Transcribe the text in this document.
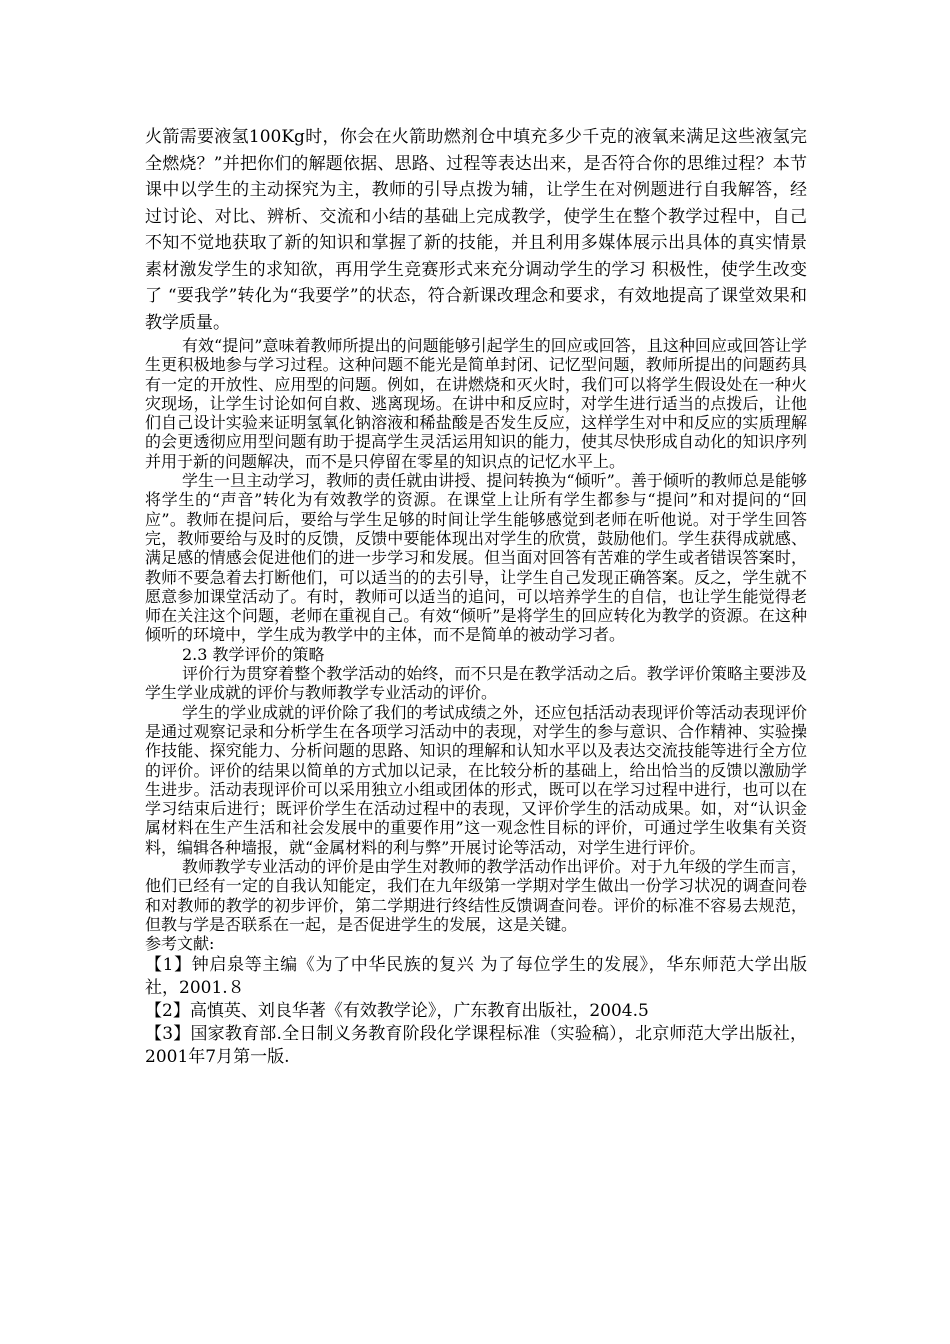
火箭需要液氢100Kg时，你会在火箭助燃剂仓中填充多少千克的液氧来满足这些液氢完全燃烧？”并把你们的解题依据、思路、过程等表达出来，是否符合你的思维过程？本节课中以学生的主动探究为主，教师的引导点拨为辅，让学生在对例题进行自我解答，经过讨论、对比、辨析、交流和小结的基础上完成教学，使学生在整个教学过程中，自己不知不觉地获取了新的知识和掌握了新的技能，并且利用多媒体展示出具体的真实情景素材激发学生的求知欲，再用学生竞赛形式来充分调动学生的学习 积极性，使学生改变了 “要我学”转化为“我要学”的状态，符合新课改理念和要求，有效地提高了课堂效果和教学质量。

有效“提问”意味着教师所提出的问题能够引起学生的回应或回答，且这种回应或回答让学生更积极地参与学习过程。这种问题不能光是简单封闭、记忆型问题，教师所提出的问题药具有一定的开放性、应用型的问题。例如，在讲燃烧和灭火时，我们可以将学生假设处在一种火灾现场，让学生讨论如何自救、逃离现场。在讲中和反应时，对学生进行适当的点拨后，让他们自己设计实验来证明氢氧化钠溶液和稀盐酸是否发生反应，这样学生对中和反应的实质理解的会更透彻应用型问题有助于提高学生灵活运用知识的能力，使其尽快形成自动化的知识序列并用于新的问题解决，而不是只停留在零星的知识点的记忆水平上。

学生一旦主动学习，教师的责任就由讲授、提问转换为“倾听”。善于倾听的教师总是能够将学生的“声音”转化为有效教学的资源。在课堂上让所有学生都参与“提问”和对提问的“回应”。教师在提问后，要给与学生足够的时间让学生能够感觉到老师在听他说。对于学生回答完，教师要给与及时的反馈，反馈中要能体现出对学生的欣赏，鼓励他们。学生获得成就感、满足感的情感会促进他们的进一步学习和发展。但当面对回答有苦难的学生或者错误答案时，教师不要急着去打断他们，可以适当的的去引导，让学生自己发现正确答案。反之，学生就不愿意参加课堂活动了。有时，教师可以适当的追问，可以培养学生的自信，也让学生能觉得老师在关注这个问题，老师在重视自己。有效“倾听”是将学生的回应转化为教学的资源。在这种倾听的环境中，学生成为教学中的主体，而不是简单的被动学习者。

2.3 教学评价的策略

评价行为贯穿着整个教学活动的始终，而不只是在教学活动之后。教学评价策略主要涉及学生学业成就的评价与教师教学专业活动的评价。

学生的学业成就的评价除了我们的考试成绩之外，还应包括活动表现评价等活动表现评价是通过观察记录和分析学生在各项学习活动中的表现，对学生的参与意识、合作精神、实验操作技能、探究能力、分析问题的思路、知识的理解和认知水平以及表达交流技能等进行全方位的评价。评价的结果以简单的方式加以记录，在比较分析的基础上，给出恰当的反馈以激励学生进步。活动表现评价可以采用独立小组或团体的形式，既可以在学习过程中进行，也可以在学习结束后进行；既评价学生在活动过程中的表现，又评价学生的活动成果。如，对“认识金属材料在生产生活和社会发展中的重要作用”这一观念性目标的评价，可通过学生收集有关资料，编辑各种墙报，就“金属材料的利与弊”开展讨论等活动，对学生进行评价。

教师教学专业活动的评价是由学生对教师的教学活动作出评价。对于九年级的学生而言，他们已经有一定的自我认知能定，我们在九年级第一学期对学生做出一份学习状况的调查问卷和对教师的教学的初步评价，第二学期进行终结性反馈调查问卷。评价的标准不容易去规范，但教与学是否联系在一起，是否促进学生的发展，这是关键。

参考文献:

【1】钟启泉等主编《为了中华民族的复兴 为了每位学生的发展》，华东师范大学出版社，2001.８

【2】高慎英、刘良华著《有效教学论》，广东教育出版社，2004.5

【3】国家教育部.全日制义务教育阶段化学课程标准（实验稿），北京师范大学出版社，2001年7月第一版.
